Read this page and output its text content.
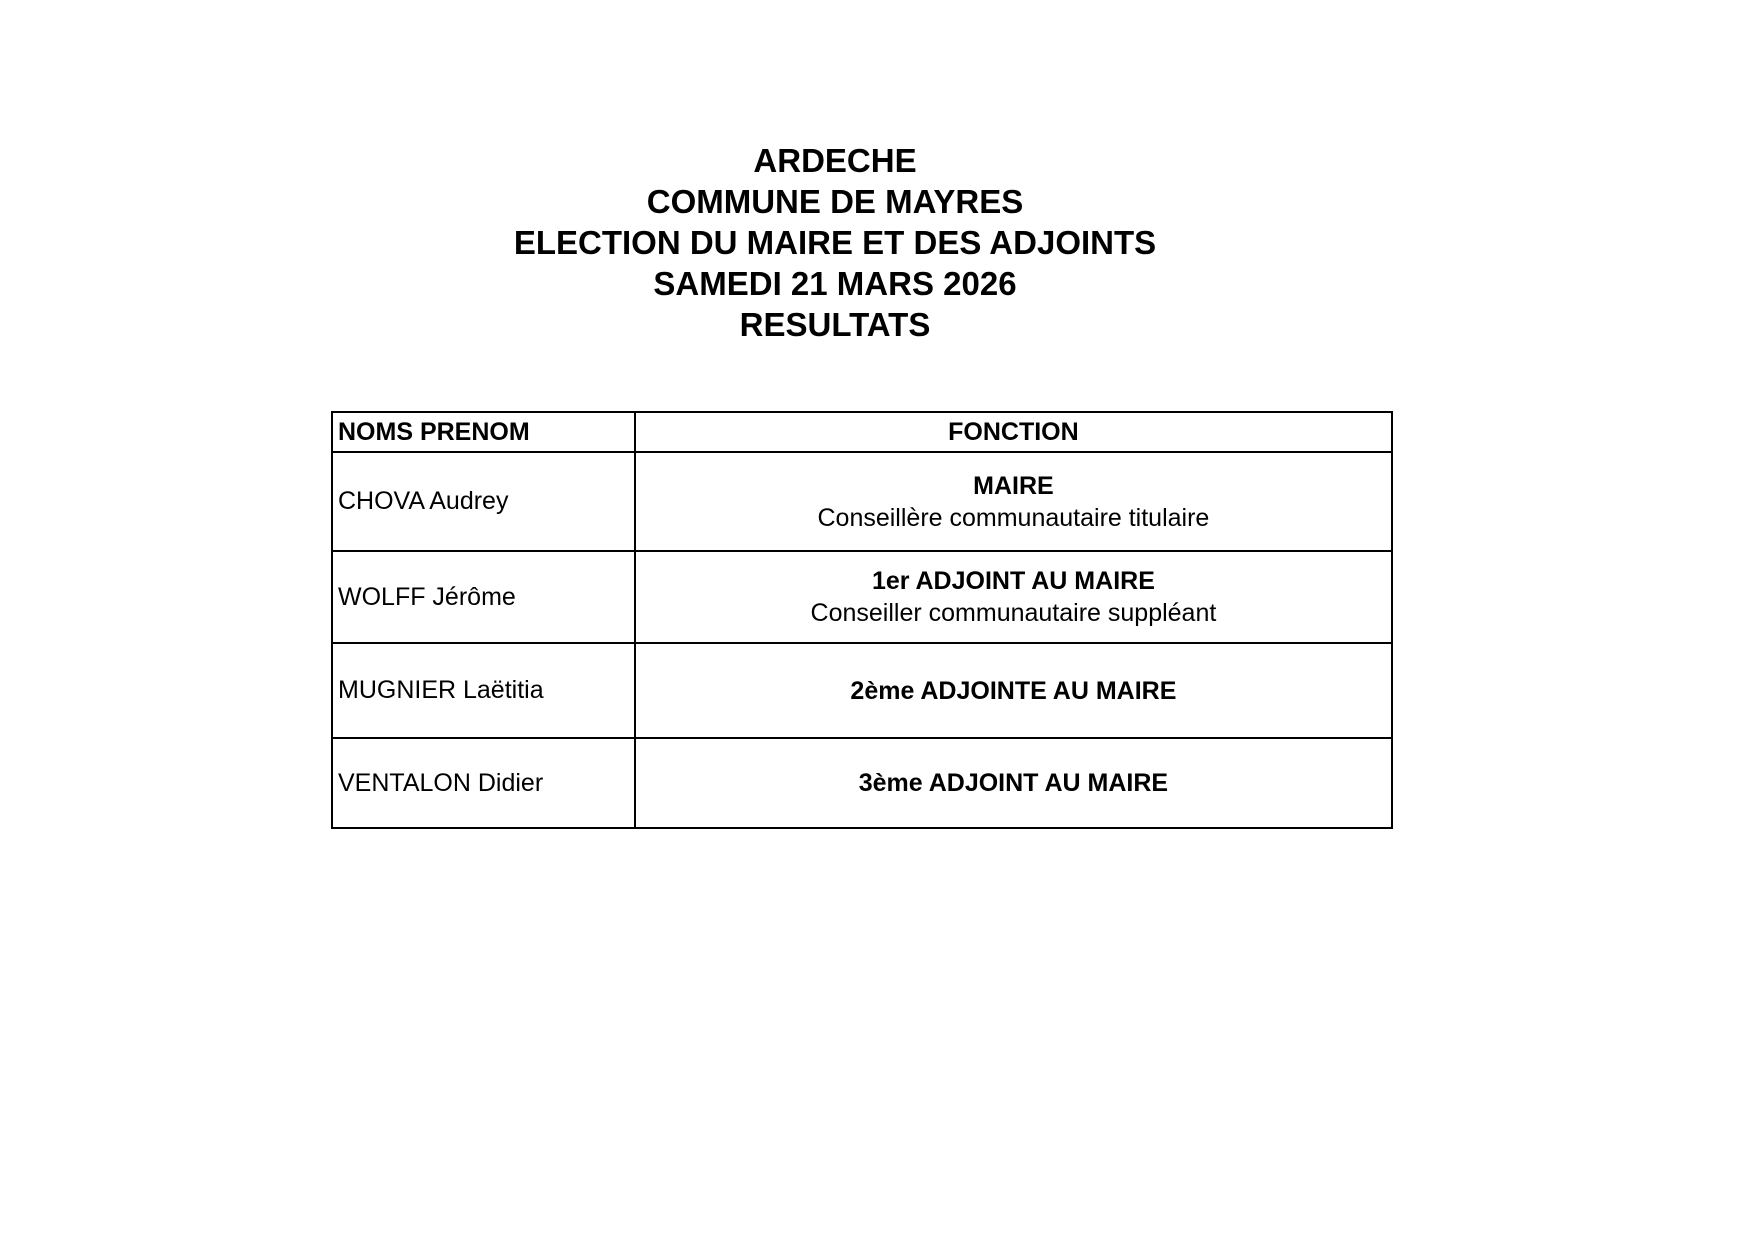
ARDECHE
COMMUNE DE MAYRES
ELECTION DU MAIRE ET DES ADJOINTS
SAMEDI 21 MARS 2026
RESULTATS
NOMS PRENOM	FONCTION
CHOVA Audrey	MAIRE
Conseillère communautaire titulaire

WOLFF Jérôme	1er ADJOINT AU MAIRE
Conseiller communautaire suppléant

MUGNIER Laëtitia	2ème ADJOINTE AU MAIRE

VENTALON Didier	3ème ADJOINT AU MAIRE
